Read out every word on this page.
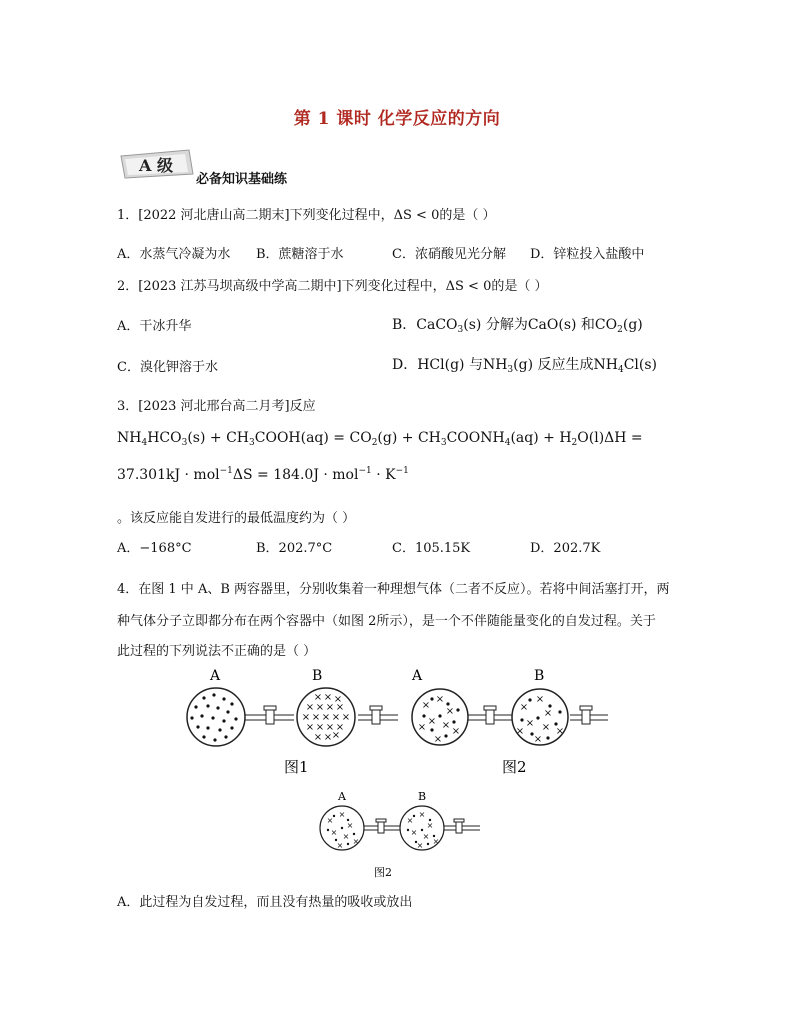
第 1 课时 化学反应的方向
A 级
必备知识基础练
1．[2022 河北唐山高二期末]下列变化过程中，ΔS < 0的是（ ）
A．水蒸气冷凝为水 B．蔗糖溶于水	C．浓硝酸见光分解 D．锌粒投入盐酸中
2．[2023 江苏马坝高级中学高二期中]下列变化过程中，ΔS < 0的是（ ）
A．干冰升华	B．CaCO$_3$(s) 分解为CaO(s) 和$CO_2(g)$
C．溴化钾溶于水	D．HCl(g) 与$NH_3(g)$ 反应生成$NH_4Cl(s)$
3．[2023 河北邢台高二月考]反应
$NH_4HCO_3(s)$ + $CH_3COOH(aq) = CO_2(g)$ + $CH_3COONH_4(aq) + H_2O(l)\Delta H$ =
$37.301kJ \cdot mol^{-1}\Delta S = 184.0J \cdot mol^{-1} \cdot K^{-1}$
。该反应能自发进行的最低温度约为（ ）
A．−168°C	B．202.7°C	C．105.15K	D．202.7K
4．在图 1 中 A、B 两容器里，分别收集着一种理想气体（二者不反应）。若将中间活塞打开，两
种气体分子立即都分布在两个容器中（如图 2所示），是一个不伴随能量变化的自发过程。关于
此过程的下列说法不正确的是（ ）
A	B
× × ×
× × × ×
× × × × ×
× × × ×
× × ×
图1
A	B
×
×
×
× ×
×	×
×
×
×
×
× × ×
×
×
图2
A	B
×
×
×
× ×
×
×
×
×
×
× ×
×
×
图2
A．此过程为自发过程，而且没有热量的吸收或放出
